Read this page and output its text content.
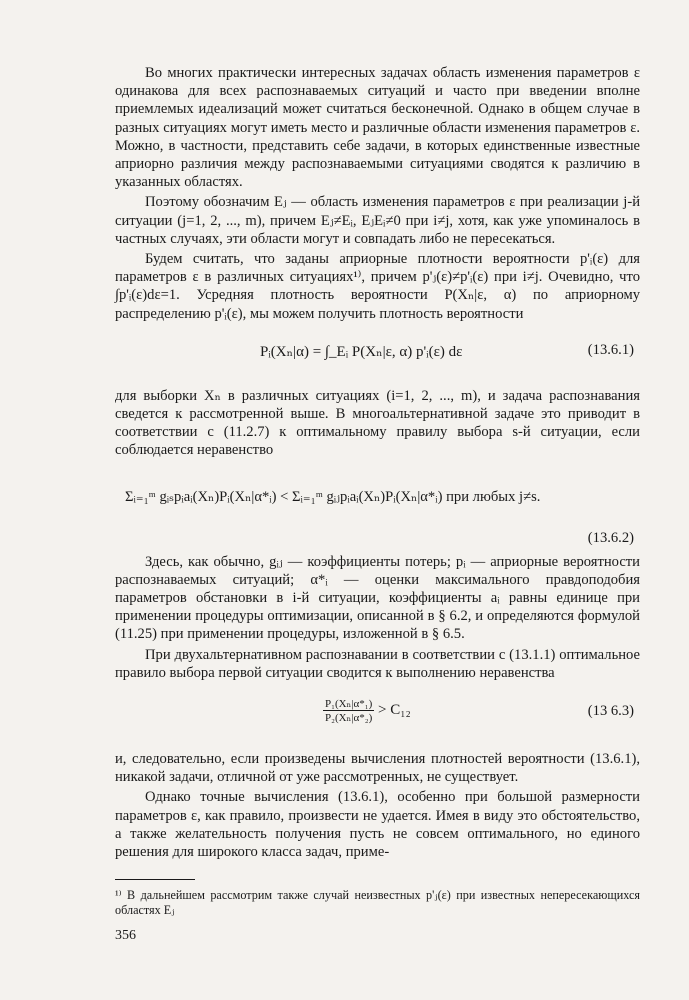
Во многих практически интересных задачах область изменения параметров ε одинакова для всех распознаваемых ситуаций и часто при введении вполне приемлемых идеализаций может считаться бесконечной. Однако в общем случае в разных ситуациях могут иметь место и различные области изменения параметров ε. Можно, в частности, представить себе задачи, в которых единственные известные априорно различия между распознаваемыми ситуациями сводятся к различию в указанных областях.

Поэтому обозначим Eⱼ — область изменения параметров ε при реализации j-й ситуации (j=1, 2, ..., m), причем Eⱼ≠Eᵢ, EⱼEᵢ≠0 при i≠j, хотя, как уже упоминалось в частных случаях, эти области могут и совпадать либо не пересекаться.

Будем считать, что заданы априорные плотности вероятности p'ᵢ(ε) для параметров ε в различных ситуациях¹⁾, причем p'ⱼ(ε)≠p'ᵢ(ε) при i≠j. Очевидно, что ∫p'ᵢ(ε)dε=1. Усредняя плотность вероятности P(Xₙ|ε, α) по априорному распределению p'ᵢ(ε), мы можем получить плотность вероятности

Pᵢ(Xₙ|α) = ∫_Eᵢ P(Xₙ|ε, α) p'ᵢ(ε) dε	(13.6.1)

для выборки Xₙ в различных ситуациях (i=1, 2, ..., m), и задача распознавания сведется к рассмотренной выше. В многоальтернативной задаче это приводит в соответствии с (11.2.7) к оптимальному правилу выбора s-й ситуации, если соблюдается неравенство

Σᵢ₌₁ᵐ gᵢₛpᵢaᵢ(Xₙ)Pᵢ(Xₙ|α*ᵢ) < Σᵢ₌₁ᵐ gᵢⱼpᵢaᵢ(Xₙ)Pᵢ(Xₙ|α*ᵢ) при любых j≠s.
(13.6.2)

Здесь, как обычно, gᵢⱼ — коэффициенты потерь; pᵢ — априорные вероятности распознаваемых ситуаций; α*ᵢ — оценки максимального правдоподобия параметров обстановки в i-й ситуации, коэффициенты aᵢ равны единице при применении процедуры оптимизации, описанной в § 6.2, и определяются формулой (11.25) при применении процедуры, изложенной в § 6.5.

При двухальтернативном распознавании в соответствии с (13.1.1) оптимальное правило выбора первой ситуации сводится к выполнению неравенства

$\frac{\text{P₁(Xₙ|α*₁)}}{\text{P₂(Xₙ|α*₂)}} > C_{12}$	(13 6.3)

и, следовательно, если произведены вычисления плотностей вероятности (13.6.1), никакой задачи, отличной от уже рассмотренных, не существует.

Однако точные вычисления (13.6.1), особенно при большой размерности параметров ε, как правило, произвести не удается. Имея в виду это обстоятельство, а также желательность получения пусть не совсем оптимального, но единого решения для широкого класса задач, приме-

¹⁾ В дальнейшем рассмотрим также случай неизвестных p'ⱼ(ε) при известных непересекающихся областях Eⱼ
356
